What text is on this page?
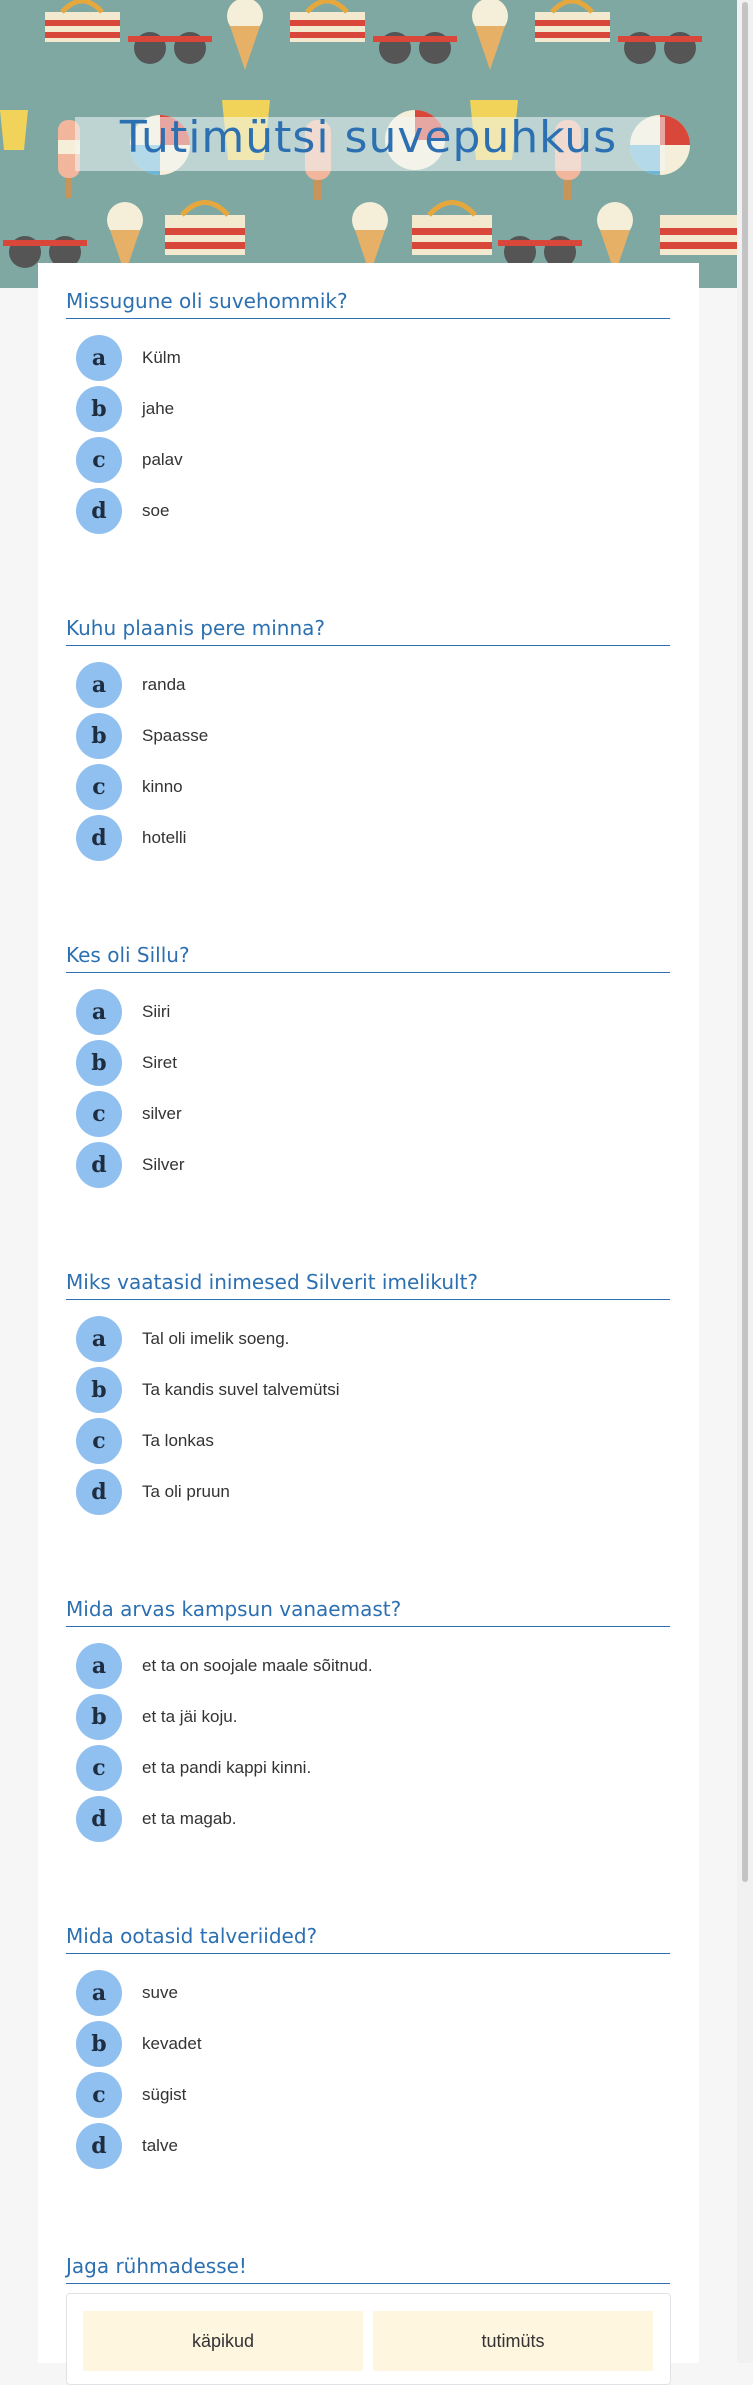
Tutimütsi suvepuhkus
Missugune oli suvehommik?
a	Külm
b	jahe
c	palav
d	soe
Kuhu plaanis pere minna?
a	randa
b	Spaasse
c	kinno
d	hotelli
Kes oli Sillu?
a	Siiri
b	Siret
c	silver
d	Silver
Miks vaatasid inimesed Silverit imelikult?
a	Tal oli imelik soeng.
b	Ta kandis suvel talvemütsi
c	Ta lonkas
d	Ta oli pruun
Mida arvas kampsun vanaemast?
a	et ta on soojale maale sõitnud.
b	et ta jäi koju.
c	et ta pandi kappi kinni.
d	et ta magab.
Mida ootasid talveriided?
a	suve
b	kevadet
c	sügist
d	talve
Jaga rühmadesse!
käpikud	tutimüts
